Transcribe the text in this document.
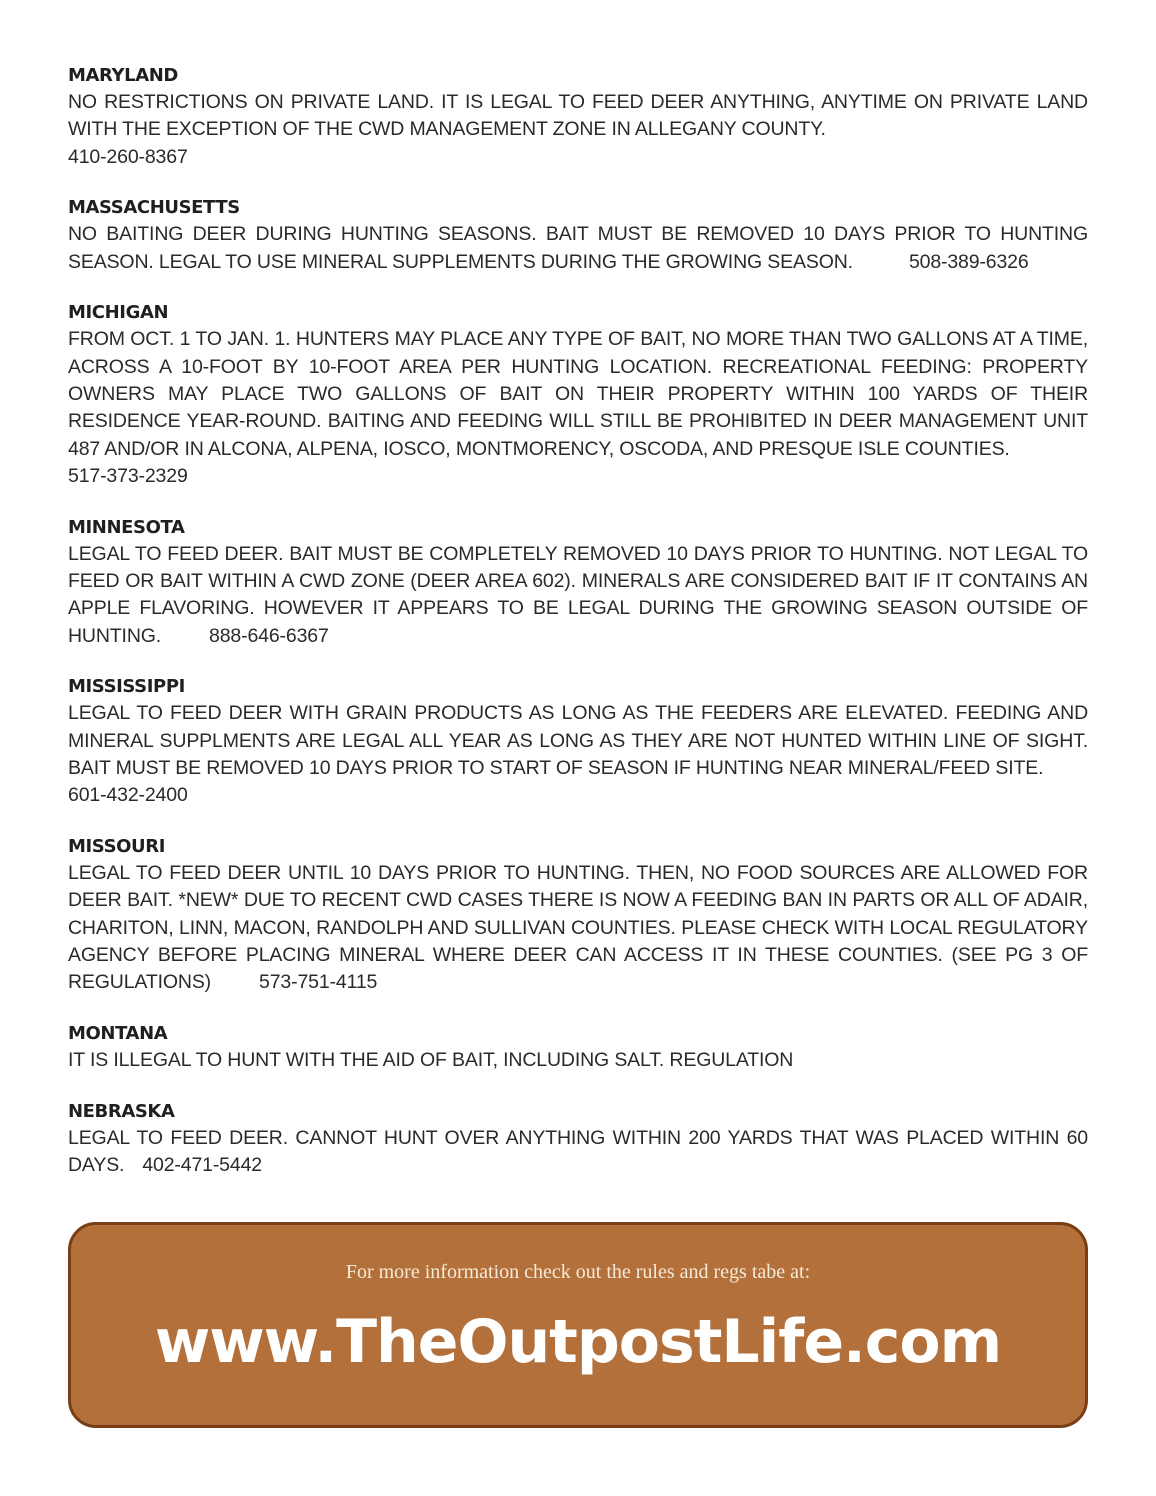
MARYLAND
NO RESTRICTIONS ON PRIVATE LAND. IT IS LEGAL TO FEED DEER ANYTHING, ANYTIME ON PRIVATE LAND WITH THE EXCEPTION OF THE CWD MANAGEMENT ZONE IN ALLEGANY COUNTY.
410-260-8367
MASSACHUSETTS
NO BAITING DEER DURING HUNTING SEASONS. BAIT MUST BE REMOVED 10 DAYS PRIOR TO HUNTING SEASON. LEGAL TO USE MINERAL SUPPLEMENTS DURING THE GROWING SEASON.	508-389-6326
MICHIGAN
FROM OCT. 1 TO JAN. 1. HUNTERS MAY PLACE ANY TYPE OF BAIT, NO MORE THAN TWO GALLONS AT A TIME, ACROSS A 10-FOOT BY 10-FOOT AREA PER HUNTING LOCATION. RECREATIONAL FEEDING: PROPERTY OWNERS MAY PLACE TWO GALLONS OF BAIT ON THEIR PROPERTY WITHIN 100 YARDS OF THEIR RESIDENCE YEAR-ROUND. BAITING AND FEEDING WILL STILL BE PROHIBITED IN DEER MANAGEMENT UNIT 487 AND/OR IN ALCONA, ALPENA, IOSCO, MONTMORENCY, OSCODA, AND PRESQUE ISLE COUNTIES.
517-373-2329
MINNESOTA
LEGAL TO FEED DEER. BAIT MUST BE COMPLETELY REMOVED 10 DAYS PRIOR TO HUNTING. NOT LEGAL TO FEED OR BAIT WITHIN A CWD ZONE (DEER AREA 602). MINERALS ARE CONSIDERED BAIT IF IT CONTAINS AN APPLE FLAVORING. HOWEVER IT APPEARS TO BE LEGAL DURING THE GROWING SEASON OUTSIDE OF HUNTING. 888-646-6367
MISSISSIPPI
LEGAL TO FEED DEER WITH GRAIN PRODUCTS AS LONG AS THE FEEDERS ARE ELEVATED. FEEDING AND MINERAL SUPPLMENTS ARE LEGAL ALL YEAR AS LONG AS THEY ARE NOT HUNTED WITHIN LINE OF SIGHT. BAIT MUST BE REMOVED 10 DAYS PRIOR TO START OF SEASON IF HUNTING NEAR MINERAL/FEED SITE.
601-432-2400
MISSOURI
LEGAL TO FEED DEER UNTIL 10 DAYS PRIOR TO HUNTING. THEN, NO FOOD SOURCES ARE ALLOWED FOR DEER BAIT. *NEW* DUE TO RECENT CWD CASES THERE IS NOW A FEEDING BAN IN PARTS OR ALL OF ADAIR, CHARITON, LINN, MACON, RANDOLPH AND SULLIVAN COUNTIES. PLEASE CHECK WITH LOCAL REGULATORY AGENCY BEFORE PLACING MINERAL WHERE DEER CAN ACCESS IT IN THESE COUNTIES. (SEE PG 3 OF REGULATIONS) 573-751-4115
MONTANA
IT IS ILLEGAL TO HUNT WITH THE AID OF BAIT, INCLUDING SALT. REGULATION
NEBRASKA
LEGAL TO FEED DEER. CANNOT HUNT OVER ANYTHING WITHIN 200 YARDS THAT WAS PLACED WITHIN 60 DAYS. 402-471-5442
For more information check out the rules and regs tabe at:
www.TheOutpostLife.com
